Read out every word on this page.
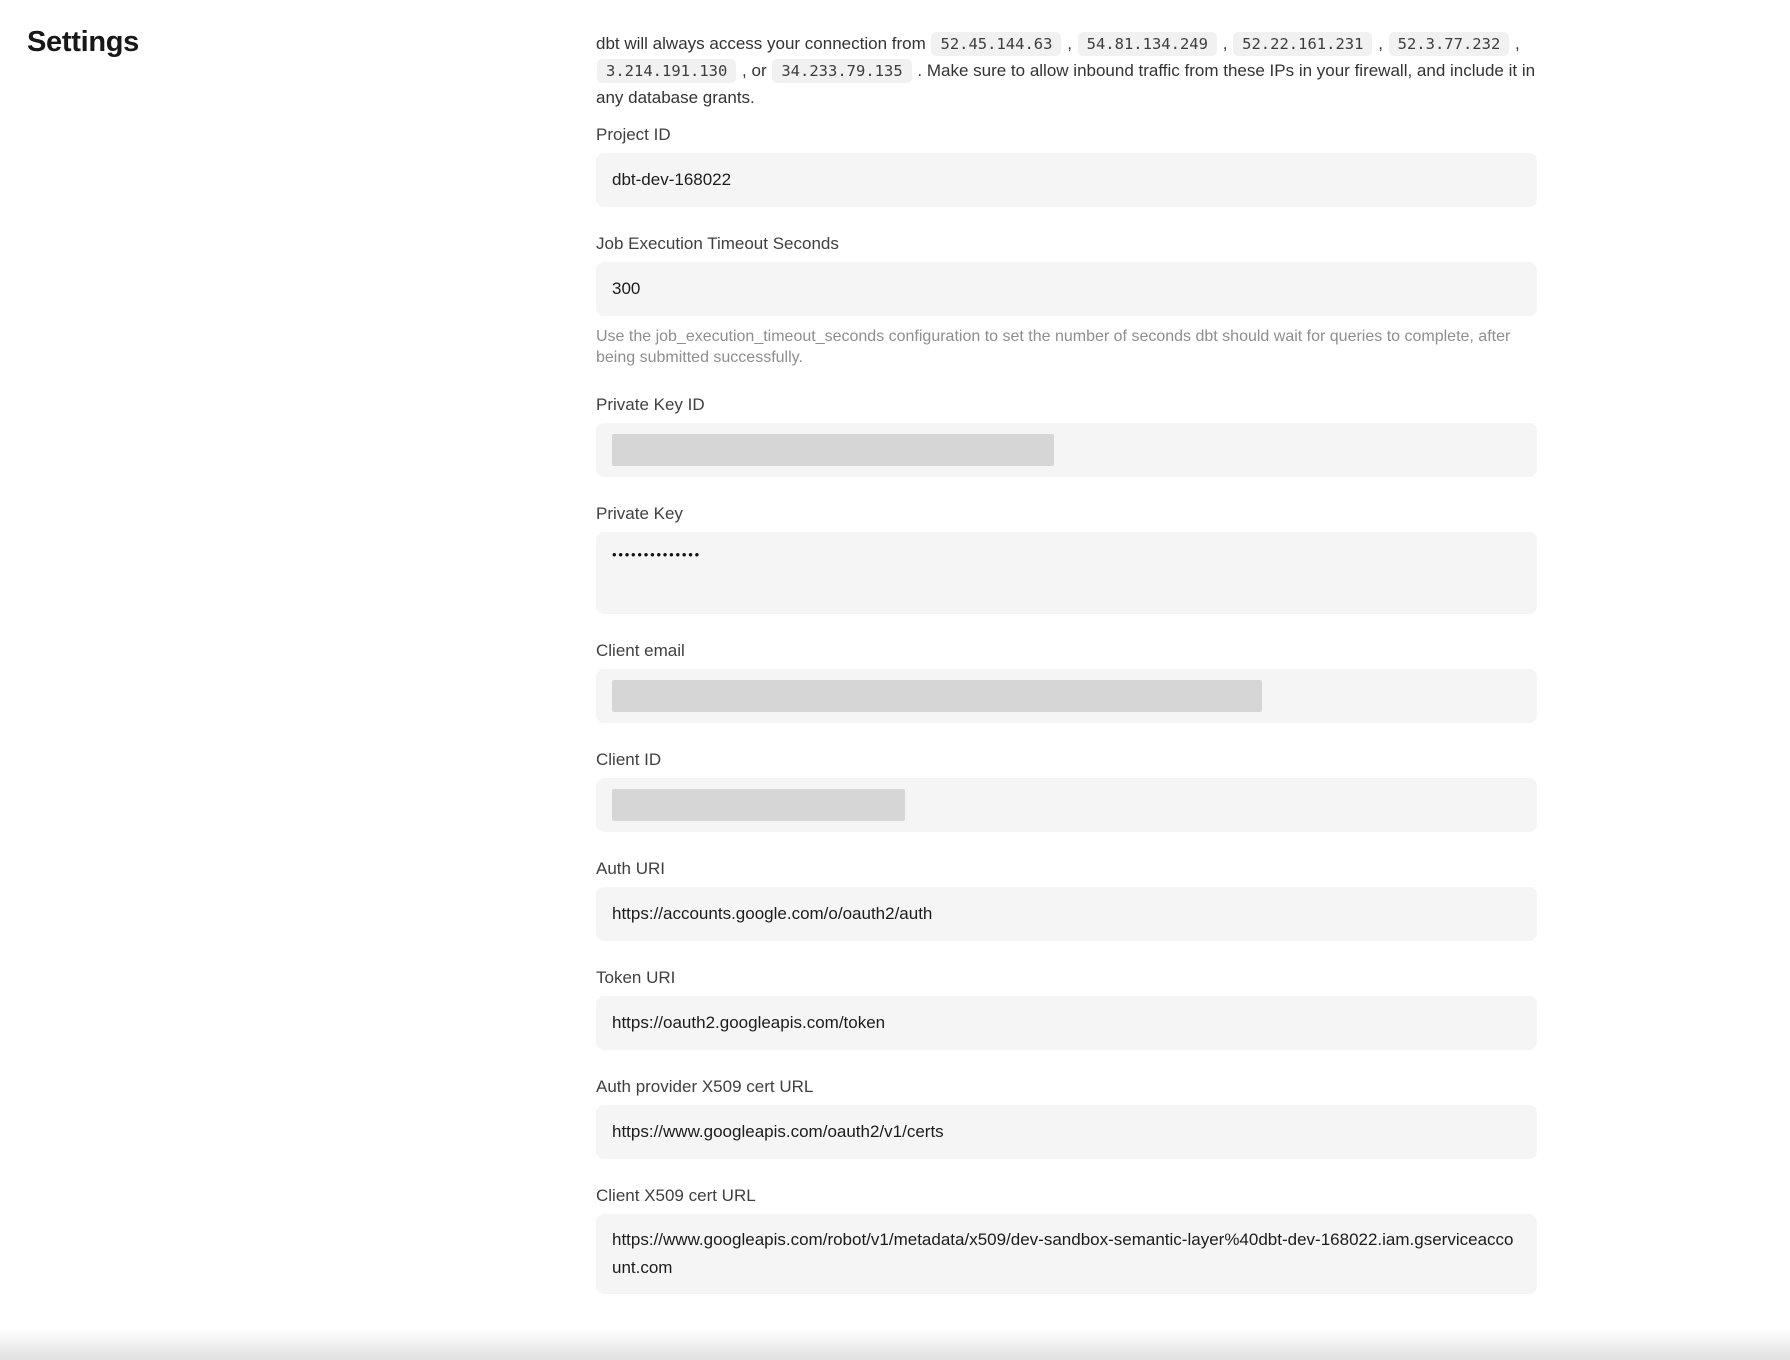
Settings	dbt will always access your connection from 52.45.144.63 , 54.81.134.249 , 52.22.161.231 , 52.3.77.232 , 3.214.191.130 , or 34.233.79.135 . Make sure to allow inbound traffic from these IPs in your firewall, and include it in any database grants.

Project ID
dbt-dev-168022
Job Execution Timeout Seconds
300

Use the job_execution_timeout_seconds configuration to set the number of seconds dbt should wait for queries to complete, after being submitted successfully.

Private Key ID
Private Key
••••••••••••••
Client email
Client ID
Auth URI
https://accounts.google.com/o/oauth2/auth
Token URI
https://oauth2.googleapis.com/token
Auth provider X509 cert URL
https://www.googleapis.com/oauth2/v1/certs
Client X509 cert URL
https://www.googleapis.com/robot/v1/metadata/x509/dev-sandbox-semantic-layer%40dbt-dev-168022.iam.gserviceaccount.com
